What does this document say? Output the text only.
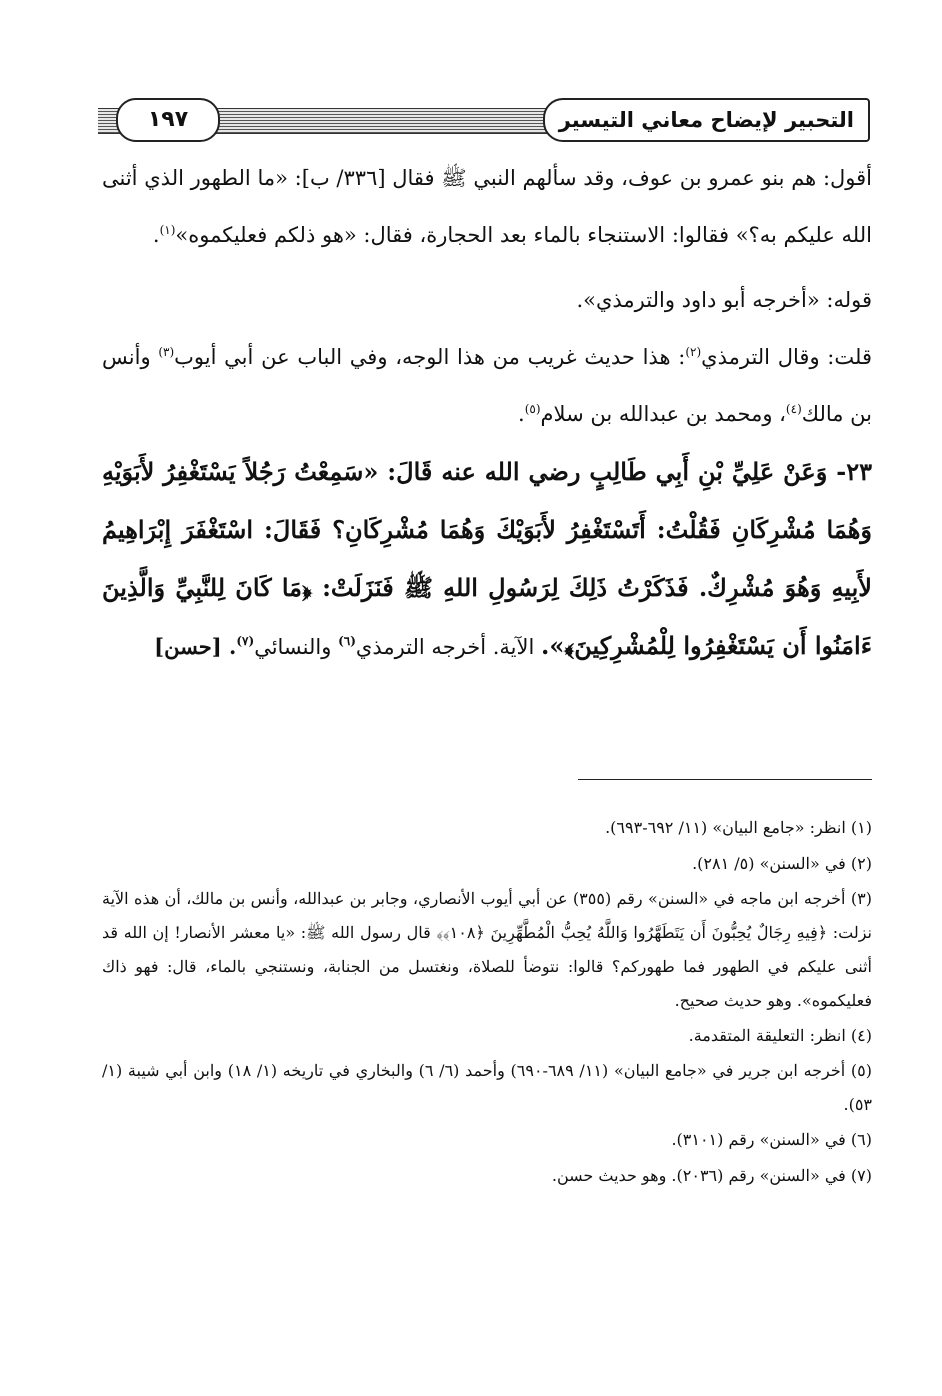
١٩٧	التحبير لإيضاح معاني التيسير

أقول: هم بنو عمرو بن عوف، وقد سألهم النبي ﷺ فقال [٣٣٦/ ب]: «ما الطهور الذي أثنى الله عليكم به؟» فقالوا: الاستنجاء بالماء بعد الحجارة، فقال: «هو ذلكم فعليكموه»$^{(١)}$.

قوله: «أخرجه أبو داود والترمذي».

قلت: وقال الترمذي$^{(٢)}$: هذا حديث غريب من هذا الوجه، وفي الباب عن أبي أيوب$^{(٣)}$ وأنس بن مالك$^{(٤)}$، ومحمد بن عبدالله بن سلام$^{(٥)}$.

٢٣- وَعَنْ عَلِيِّ بْنِ أَبِي طَالِبٍ رضي الله عنه قَالَ: «سَمِعْتُ رَجُلاً يَسْتَغْفِرُ لأَبَوَيْهِ وَهُمَا مُشْرِكَانِ فَقُلْتُ: أَتَسْتَغْفِرُ لأَبَوَيْكَ وَهُمَا مُشْرِكَانِ؟ فَقَالَ: اسْتَغْفَرَ إِبْرَاهِيمُ لأَبِيهِ وَهُوَ مُشْرِكٌ. فَذَكَرْتُ ذَلِكَ لِرَسُولِ اللهِ ﷺ فَنَزَلَتْ: ﴿مَا كَانَ لِلنَّبِيِّ وَالَّذِينَ ءَامَنُوا أَن يَسْتَغْفِرُوا لِلْمُشْرِكِينَ﴾». الآية. أخرجه الترمذي$^{(٦)}$ والنسائي$^{(٧)}$. [حسن]

(١) انظر: «جامع البيان» (١١/ ٦٩٢-٦٩٣).

(٢) في «السنن» (٥/ ٢٨١).

(٣) أخرجه ابن ماجه في «السنن» رقم (٣٥٥) عن أبي أيوب الأنصاري، وجابر بن عبدالله، وأنس بن مالك، أن هذه الآية نزلت: ﴿فِيهِ رِجَالٌ يُحِبُّونَ أَن يَتَطَهَّرُوا وَاللَّهُ يُحِبُّ الْمُطَّهِّرِينَ ﴿١٠٨﴾﴾ قال رسول الله ﷺ: «يا معشر الأنصار! إن الله قد أثنى عليكم في الطهور فما طهوركم؟ قالوا: نتوضأ للصلاة، ونغتسل من الجنابة، ونستنجي بالماء، قال: فهو ذاك فعليكموه». وهو حديث صحيح.

(٤) انظر: التعليقة المتقدمة.

(٥) أخرجه ابن جرير في «جامع البيان» (١١/ ٦٨٩-٦٩٠) وأحمد (٦/ ٦) والبخاري في تاريخه (١/ ١٨) وابن أبي شيبة (١/ ٥٣).

(٦) في «السنن» رقم (٣١٠١).

(٧) في «السنن» رقم (٢٠٣٦). وهو حديث حسن.
